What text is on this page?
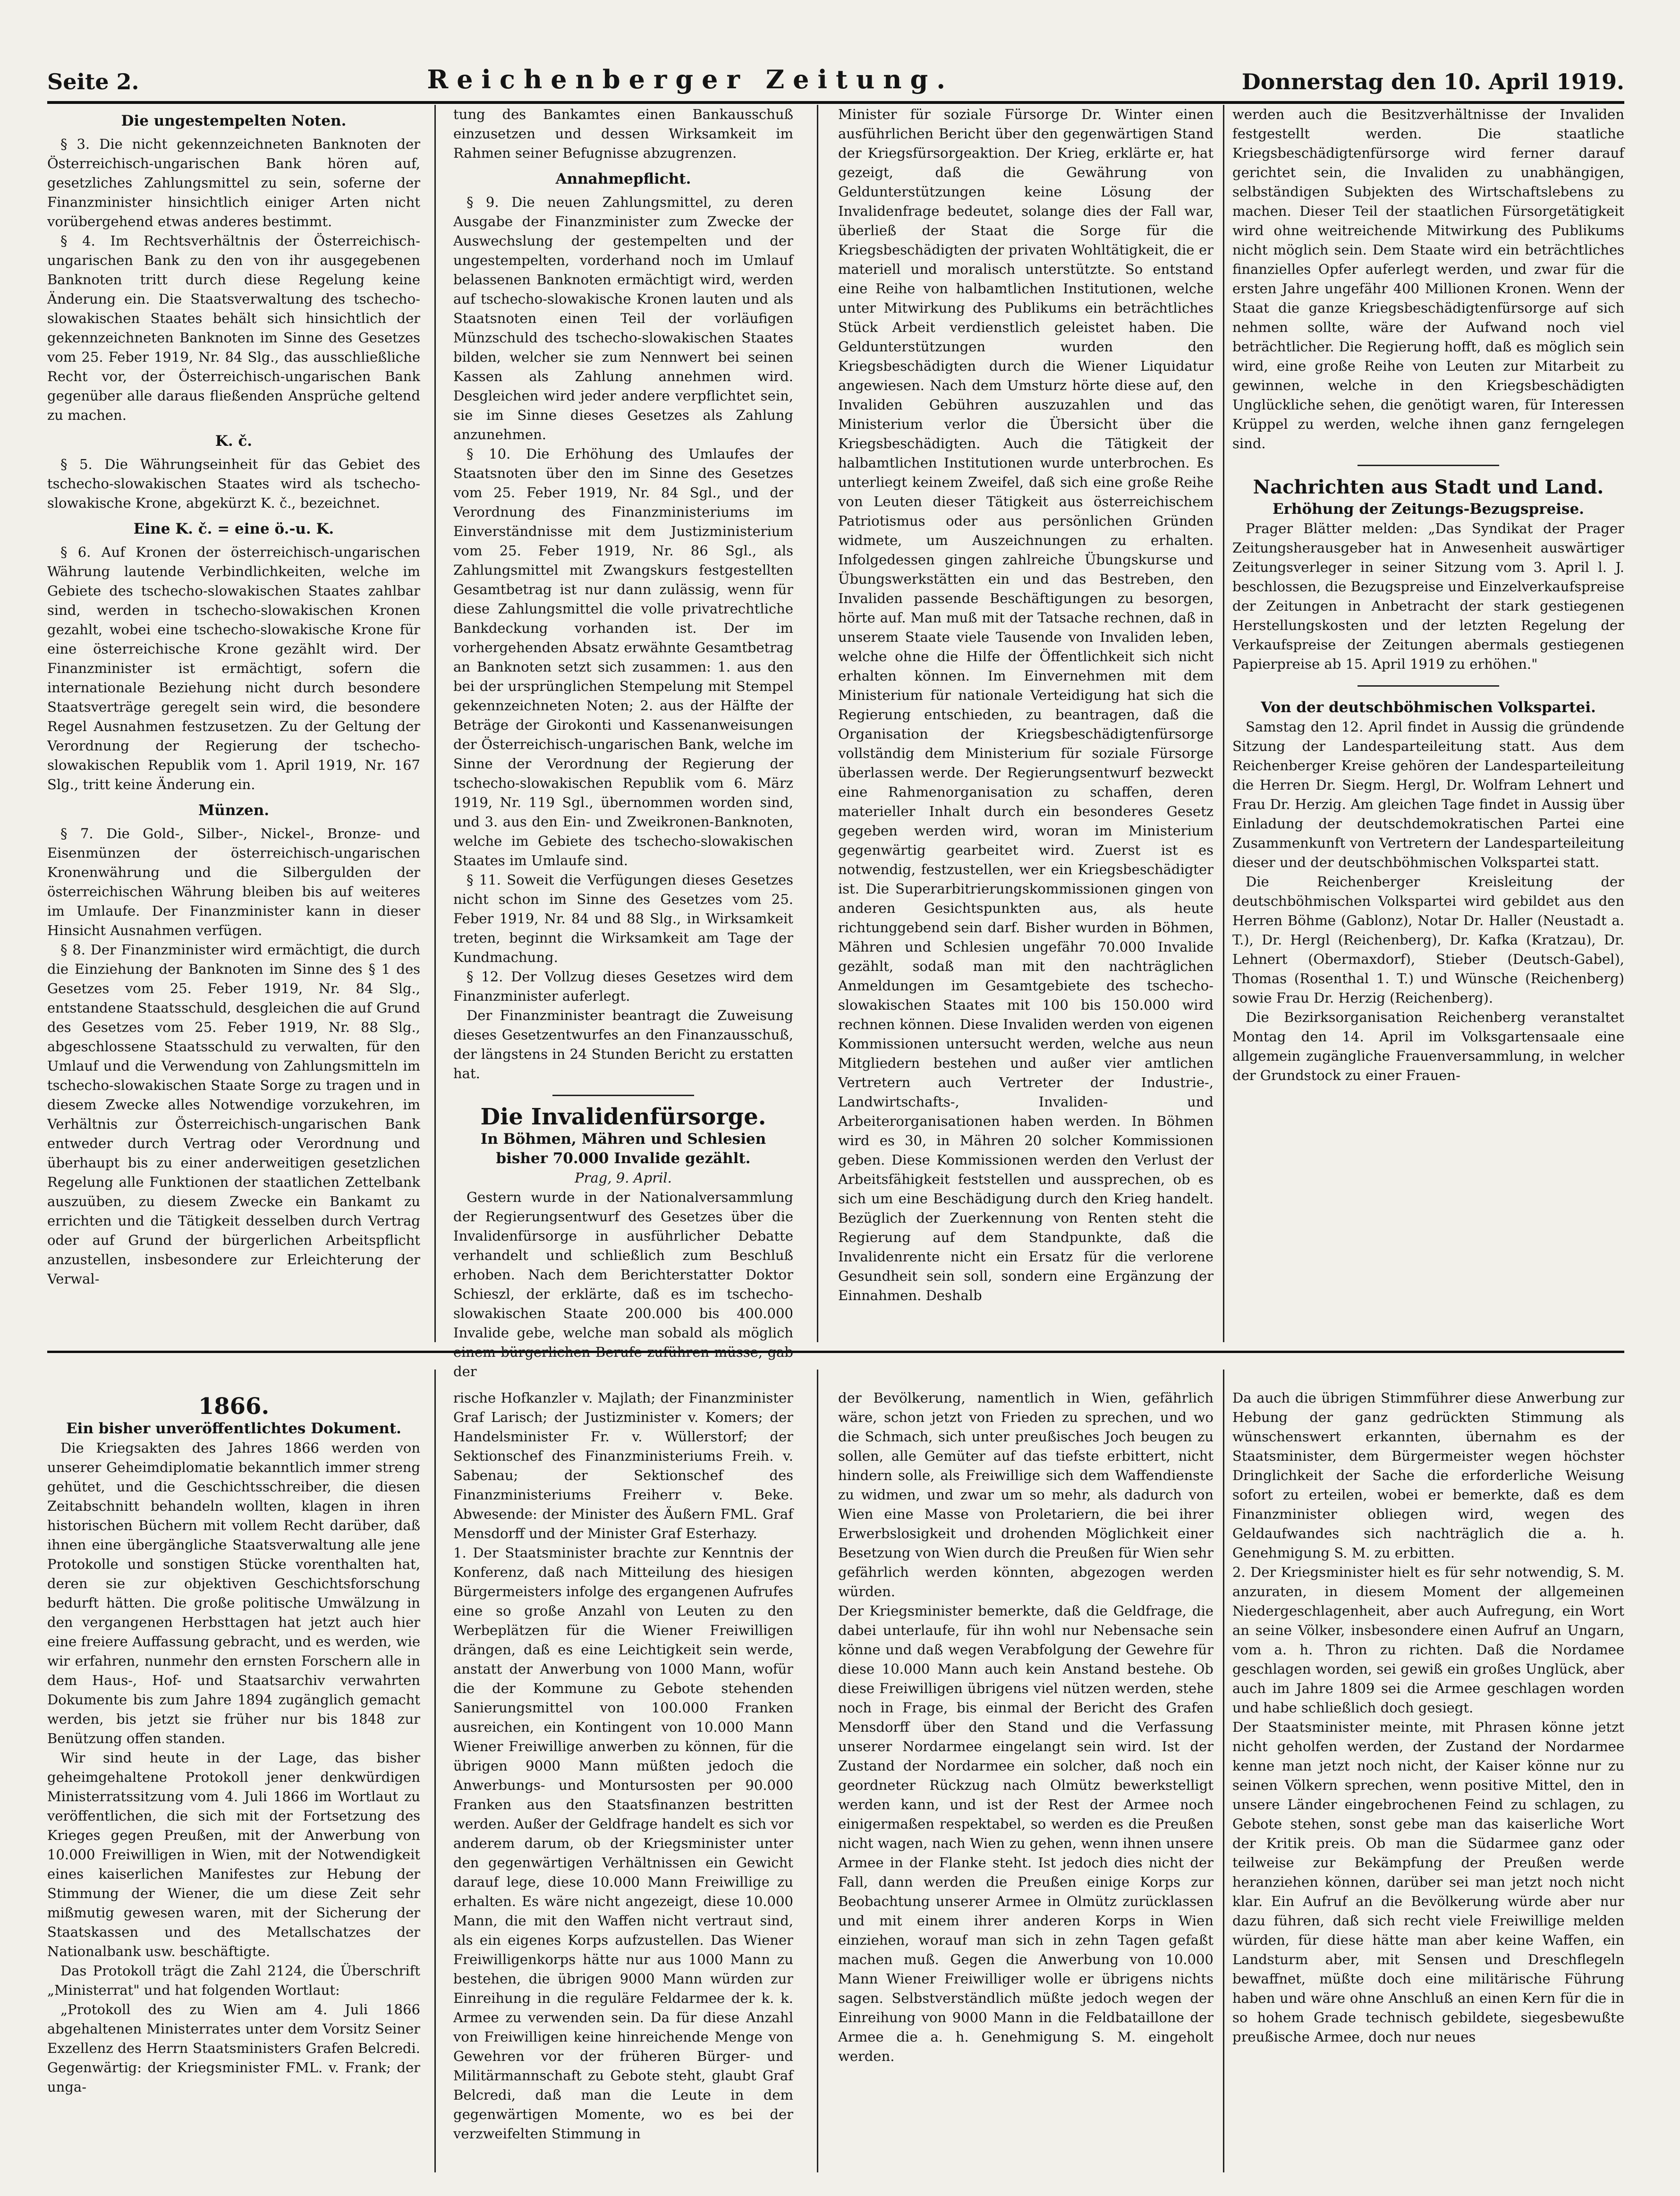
Seite 2.	Reichenberger Zeitung.	Donnerstag den 10. April 1919.
Die ungestempelten Noten.

§ 3. Die nicht gekennzeichneten Banknoten der Österreichisch-ungarischen Bank hören auf, gesetzliches Zahlungsmittel zu sein, soferne der Finanzminister hinsichtlich einiger Arten nicht vorübergehend etwas anderes bestimmt.

§ 4. Im Rechtsverhältnis der Österreichisch-ungarischen Bank zu den von ihr ausgegebenen Banknoten tritt durch diese Regelung keine Änderung ein. Die Staatsverwaltung des tschecho-slowakischen Staates behält sich hinsichtlich der gekennzeichneten Banknoten im Sinne des Gesetzes vom 25. Feber 1919, Nr. 84 Slg., das ausschließliche Recht vor, der Österreichisch-ungarischen Bank gegenüber alle daraus fließenden Ansprüche geltend zu machen.

K. č.

§ 5. Die Währungseinheit für das Gebiet des tschecho-slowakischen Staates wird als tschecho-slowakische Krone, abgekürzt K. č., bezeichnet.

Eine K. č. = eine ö.-u. K.

§ 6. Auf Kronen der österreichisch-ungarischen Währung lautende Verbindlichkeiten, welche im Gebiete des tschecho-slowakischen Staates zahlbar sind, werden in tschecho-slowakischen Kronen gezahlt, wobei eine tschecho-slowakische Krone für eine österreichische Krone gezählt wird. Der Finanzminister ist ermächtigt, sofern die internationale Beziehung nicht durch besondere Staatsverträge geregelt sein wird, die besondere Regel Ausnahmen festzusetzen. Zu der Geltung der Verordnung der Regierung der tschecho-slowakischen Republik vom 1. April 1919, Nr. 167 Slg., tritt keine Änderung ein.

Münzen.

§ 7. Die Gold-, Silber-, Nickel-, Bronze- und Eisenmünzen der österreichisch-ungarischen Kronenwährung und die Silbergulden der österreichischen Währung bleiben bis auf weiteres im Umlaufe. Der Finanzminister kann in dieser Hinsicht Ausnahmen verfügen.

§ 8. Der Finanzminister wird ermächtigt, die durch die Einziehung der Banknoten im Sinne des § 1 des Gesetzes vom 25. Feber 1919, Nr. 84 Slg., entstandene Staatsschuld, desgleichen die auf Grund des Gesetzes vom 25. Feber 1919, Nr. 88 Slg., abgeschlossene Staatsschuld zu verwalten, für den Umlauf und die Verwendung von Zahlungsmitteln im tschecho-slowakischen Staate Sorge zu tragen und in diesem Zwecke alles Notwendige vorzukehren, im Verhältnis zur Österreichisch-ungarischen Bank entweder durch Vertrag oder Verordnung und überhaupt bis zu einer anderweitigen gesetzlichen Regelung alle Funktionen der staatlichen Zettelbank auszuüben, zu diesem Zwecke ein Bankamt zu errichten und die Tätigkeit desselben durch Vertrag oder auf Grund der bürgerlichen Arbeitspflicht anzustellen, insbesondere zur Erleichterung der Verwal-

tung des Bankamtes einen Bankausschuß einzusetzen und dessen Wirksamkeit im Rahmen seiner Befugnisse abzugrenzen.

Annahmepflicht.

§ 9. Die neuen Zahlungsmittel, zu deren Ausgabe der Finanzminister zum Zwecke der Auswechslung der gestempelten und der ungestempelten, vorderhand noch im Umlauf belassenen Banknoten ermächtigt wird, werden auf tschecho-slowakische Kronen lauten und als Staatsnoten einen Teil der vorläufigen Münzschuld des tschecho-slowakischen Staates bilden, welcher sie zum Nennwert bei seinen Kassen als Zahlung annehmen wird. Desgleichen wird jeder andere verpflichtet sein, sie im Sinne dieses Gesetzes als Zahlung anzunehmen.

§ 10. Die Erhöhung des Umlaufes der Staatsnoten über den im Sinne des Gesetzes vom 25. Feber 1919, Nr. 84 Sgl., und der Verordnung des Finanzministeriums im Einverständnisse mit dem Justizministerium vom 25. Feber 1919, Nr. 86 Sgl., als Zahlungsmittel mit Zwangskurs festgestellten Gesamtbetrag ist nur dann zulässig, wenn für diese Zahlungsmittel die volle privatrechtliche Bankdeckung vorhanden ist. Der im vorhergehenden Absatz erwähnte Gesamtbetrag an Banknoten setzt sich zusammen: 1. aus den bei der ursprünglichen Stempelung mit Stempel gekennzeichneten Noten; 2. aus der Hälfte der Beträge der Girokonti und Kassenanweisungen der Österreichisch-ungarischen Bank, welche im Sinne der Verordnung der Regierung der tschecho-slowakischen Republik vom 6. März 1919, Nr. 119 Sgl., übernommen worden sind, und 3. aus den Ein- und Zweikronen-Banknoten, welche im Gebiete des tschecho-slowakischen Staates im Umlaufe sind.

§ 11. Soweit die Verfügungen dieses Gesetzes nicht schon im Sinne des Gesetzes vom 25. Feber 1919, Nr. 84 und 88 Slg., in Wirksamkeit treten, beginnt die Wirksamkeit am Tage der Kundmachung.

§ 12. Der Vollzug dieses Gesetzes wird dem Finanzminister auferlegt.

Der Finanzminister beantragt die Zuweisung dieses Gesetzentwurfes an den Finanzausschuß, der längstens in 24 Stunden Bericht zu erstatten hat.

Die Invalidenfürsorge.
In Böhmen, Mähren und Schlesien bisher 70.000 Invalide gezählt.
Prag, 9. April.

Gestern wurde in der Nationalversammlung der Regierungsentwurf des Gesetzes über die Invalidenfürsorge in ausführlicher Debatte verhandelt und schließlich zum Beschluß erhoben. Nach dem Berichterstatter Doktor Schieszl, der erklärte, daß es im tschecho-slowakischen Staate 200.000 bis 400.000 Invalide gebe, welche man sobald als möglich einem bürgerlichen Berufe zuführen müsse, gab der

Minister für soziale Fürsorge Dr. Winter einen ausführlichen Bericht über den gegenwärtigen Stand der Kriegsfürsorgeaktion. Der Krieg, erklärte er, hat gezeigt, daß die Gewährung von Geldunterstützungen keine Lösung der Invalidenfrage bedeutet, solange dies der Fall war, überließ der Staat die Sorge für die Kriegsbeschädigten der privaten Wohltätigkeit, die er materiell und moralisch unterstützte. So entstand eine Reihe von halbamtlichen Institutionen, welche unter Mitwirkung des Publikums ein beträchtliches Stück Arbeit verdienstlich geleistet haben. Die Geldunterstützungen wurden den Kriegsbeschädigten durch die Wiener Liquidatur angewiesen. Nach dem Umsturz hörte diese auf, den Invaliden Gebühren auszuzahlen und das Ministerium verlor die Übersicht über die Kriegsbeschädigten. Auch die Tätigkeit der halbamtlichen Institutionen wurde unterbrochen. Es unterliegt keinem Zweifel, daß sich eine große Reihe von Leuten dieser Tätigkeit aus österreichischem Patriotismus oder aus persönlichen Gründen widmete, um Auszeichnungen zu erhalten. Infolgedessen gingen zahlreiche Übungskurse und Übungswerkstätten ein und das Bestreben, den Invaliden passende Beschäftigungen zu besorgen, hörte auf. Man muß mit der Tatsache rechnen, daß in unserem Staate viele Tausende von Invaliden leben, welche ohne die Hilfe der Öffentlichkeit sich nicht erhalten können. Im Einvernehmen mit dem Ministerium für nationale Verteidigung hat sich die Regierung entschieden, zu beantragen, daß die Organisation der Kriegsbeschädigtenfürsorge vollständig dem Ministerium für soziale Fürsorge überlassen werde. Der Regierungsentwurf bezweckt eine Rahmenorganisation zu schaffen, deren materieller Inhalt durch ein besonderes Gesetz gegeben werden wird, woran im Ministerium gegenwärtig gearbeitet wird. Zuerst ist es notwendig, festzustellen, wer ein Kriegsbeschädigter ist. Die Superarbitrierungskommissionen gingen von anderen Gesichtspunkten aus, als heute richtunggebend sein darf. Bisher wurden in Böhmen, Mähren und Schlesien ungefähr 70.000 Invalide gezählt, sodaß man mit den nachträglichen Anmeldungen im Gesamtgebiete des tschecho-slowakischen Staates mit 100 bis 150.000 wird rechnen können. Diese Invaliden werden von eigenen Kommissionen untersucht werden, welche aus neun Mitgliedern bestehen und außer vier amtlichen Vertretern auch Vertreter der Industrie-, Landwirtschafts-, Invaliden- und Arbeiterorganisationen haben werden. In Böhmen wird es 30, in Mähren 20 solcher Kommissionen geben. Diese Kommissionen werden den Verlust der Arbeitsfähigkeit feststellen und aussprechen, ob es sich um eine Beschädigung durch den Krieg handelt. Bezüglich der Zuerkennung von Renten steht die Regierung auf dem Standpunkte, daß die Invalidenrente nicht ein Ersatz für die verlorene Gesundheit sein soll, sondern eine Ergänzung der Einnahmen. Deshalb

werden auch die Besitzverhältnisse der Invaliden festgestellt werden. Die staatliche Kriegsbeschädigtenfürsorge wird ferner darauf gerichtet sein, die Invaliden zu unabhängigen, selbständigen Subjekten des Wirtschaftslebens zu machen. Dieser Teil der staatlichen Fürsorgetätigkeit wird ohne weitreichende Mitwirkung des Publikums nicht möglich sein. Dem Staate wird ein beträchtliches finanzielles Opfer auferlegt werden, und zwar für die ersten Jahre ungefähr 400 Millionen Kronen. Wenn der Staat die ganze Kriegsbeschädigtenfürsorge auf sich nehmen sollte, wäre der Aufwand noch viel beträchtlicher. Die Regierung hofft, daß es möglich sein wird, eine große Reihe von Leuten zur Mitarbeit zu gewinnen, welche in den Kriegsbeschädigten Unglückliche sehen, die genötigt waren, für Interessen Krüppel zu werden, welche ihnen ganz ferngelegen sind.

Nachrichten aus Stadt und Land.
Erhöhung der Zeitungs-Bezugspreise.

Prager Blätter melden: „Das Syndikat der Prager Zeitungsherausgeber hat in Anwesenheit auswärtiger Zeitungsverleger in seiner Sitzung vom 3. April l. J. beschlossen, die Bezugspreise und Einzelverkaufspreise der Zeitungen in Anbetracht der stark gestiegenen Herstellungskosten und der letzten Regelung der Verkaufspreise der Zeitungen abermals gestiegenen Papierpreise ab 15. April 1919 zu erhöhen."

Von der deutschböhmischen Volkspartei.

Samstag den 12. April findet in Aussig die gründende Sitzung der Landesparteileitung statt. Aus dem Reichenberger Kreise gehören der Landesparteileitung die Herren Dr. Siegm. Hergl, Dr. Wolfram Lehnert und Frau Dr. Herzig. Am gleichen Tage findet in Aussig über Einladung der deutschdemokratischen Partei eine Zusammenkunft von Vertretern der Landesparteileitung dieser und der deutschböhmischen Volkspartei statt.

Die Reichenberger Kreisleitung der deutschböhmischen Volkspartei wird gebildet aus den Herren Böhme (Gablonz), Notar Dr. Haller (Neustadt a. T.), Dr. Hergl (Reichenberg), Dr. Kafka (Kratzau), Dr. Lehnert (Obermaxdorf), Stieber (Deutsch-Gabel), Thomas (Rosenthal 1. T.) und Wünsche (Reichenberg) sowie Frau Dr. Herzig (Reichenberg).

Die Bezirksorganisation Reichenberg veranstaltet Montag den 14. April im Volksgartensaale eine allgemein zugängliche Frauenversammlung, in welcher der Grundstock zu einer Frauen-

1866.
Ein bisher unveröffentlichtes Dokument.

Die Kriegsakten des Jahres 1866 werden von unserer Geheimdiplomatie bekanntlich immer streng gehütet, und die Geschichtsschreiber, die diesen Zeitabschnitt behandeln wollten, klagen in ihren historischen Büchern mit vollem Recht darüber, daß ihnen eine übergängliche Staatsverwaltung alle jene Protokolle und sonstigen Stücke vorenthalten hat, deren sie zur objektiven Geschichtsforschung bedurft hätten. Die große politische Umwälzung in den vergangenen Herbsttagen hat jetzt auch hier eine freiere Auffassung gebracht, und es werden, wie wir erfahren, nunmehr den ernsten Forschern alle in dem Haus-, Hof- und Staatsarchiv verwahrten Dokumente bis zum Jahre 1894 zugänglich gemacht werden, bis jetzt sie früher nur bis 1848 zur Benützung offen standen.

Wir sind heute in der Lage, das bisher geheimgehaltene Protokoll jener denkwürdigen Ministerratssitzung vom 4. Juli 1866 im Wortlaut zu veröffentlichen, die sich mit der Fortsetzung des Krieges gegen Preußen, mit der Anwerbung von 10.000 Freiwilligen in Wien, mit der Notwendigkeit eines kaiserlichen Manifestes zur Hebung der Stimmung der Wiener, die um diese Zeit sehr mißmutig gewesen waren, mit der Sicherung der Staatskassen und des Metallschatzes der Nationalbank usw. beschäftigte.

Das Protokoll trägt die Zahl 2124, die Überschrift „Ministerrat" und hat folgenden Wortlaut:

„Protokoll des zu Wien am 4. Juli 1866 abgehaltenen Ministerrates unter dem Vorsitz Seiner Exzellenz des Herrn Staatsministers Grafen Belcredi. Gegenwärtig: der Kriegsminister FML. v. Frank; der unga-

rische Hofkanzler v. Majlath; der Finanzminister Graf Larisch; der Justizminister v. Komers; der Handelsminister Fr. v. Wüllerstorf; der Sektionschef des Finanzministeriums Freih. v. Sabenau; der Sektionschef des Finanzministeriums Freiherr v. Beke. Abwesende: der Minister des Äußern FML. Graf Mensdorff und der Minister Graf Esterhazy.
1. Der Staatsminister brachte zur Kenntnis der Konferenz, daß nach Mitteilung des hiesigen Bürgermeisters infolge des ergangenen Aufrufes eine so große Anzahl von Leuten zu den Werbeplätzen für die Wiener Freiwilligen drängen, daß es eine Leichtigkeit sein werde, anstatt der Anwerbung von 1000 Mann, wofür die der Kommune zu Gebote stehenden Sanierungsmittel von 100.000 Franken ausreichen, ein Kontingent von 10.000 Mann Wiener Freiwillige anwerben zu können, für die übrigen 9000 Mann müßten jedoch die Anwerbungs- und Montursosten per 90.000 Franken aus den Staatsfinanzen bestritten werden. Außer der Geldfrage handelt es sich vor anderem darum, ob der Kriegsminister unter den gegenwärtigen Verhältnissen ein Gewicht darauf lege, diese 10.000 Mann Freiwillige zu erhalten. Es wäre nicht angezeigt, diese 10.000 Mann, die mit den Waffen nicht vertraut sind, als ein eigenes Korps aufzustellen. Das Wiener Freiwilligenkorps hätte nur aus 1000 Mann zu bestehen, die übrigen 9000 Mann würden zur Einreihung in die reguläre Feldarmee der k. k. Armee zu verwenden sein. Da für diese Anzahl von Freiwilligen keine hinreichende Menge von Gewehren vor der früheren Bürger- und Militärmannschaft zu Gebote steht, glaubt Graf Belcredi, daß man die Leute in dem gegenwärtigen Momente, wo es bei der verzweifelten Stimmung in

der Bevölkerung, namentlich in Wien, gefährlich wäre, schon jetzt von Frieden zu sprechen, und wo die Schmach, sich unter preußisches Joch beugen zu sollen, alle Gemüter auf das tiefste erbittert, nicht hindern solle, als Freiwillige sich dem Waffendienste zu widmen, und zwar um so mehr, als dadurch von Wien eine Masse von Proletariern, die bei ihrer Erwerbslosigkeit und drohenden Möglichkeit einer Besetzung von Wien durch die Preußen für Wien sehr gefährlich werden könnten, abgezogen werden würden.
Der Kriegsminister bemerkte, daß die Geldfrage, die dabei unterlaufe, für ihn wohl nur Nebensache sein könne und daß wegen Verabfolgung der Gewehre für diese 10.000 Mann auch kein Anstand bestehe. Ob diese Freiwilligen übrigens viel nützen werden, stehe noch in Frage, bis einmal der Bericht des Grafen Mensdorff über den Stand und die Verfassung unserer Nordarmee eingelangt sein wird. Ist der Zustand der Nordarmee ein solcher, daß noch ein geordneter Rückzug nach Olmütz bewerkstelligt werden kann, und ist der Rest der Armee noch einigermaßen respektabel, so werden es die Preußen nicht wagen, nach Wien zu gehen, wenn ihnen unsere Armee in der Flanke steht. Ist jedoch dies nicht der Fall, dann werden die Preußen einige Korps zur Beobachtung unserer Armee in Olmütz zurücklassen und mit einem ihrer anderen Korps in Wien einziehen, worauf man sich in zehn Tagen gefaßt machen muß. Gegen die Anwerbung von 10.000 Mann Wiener Freiwilliger wolle er übrigens nichts sagen. Selbstverständlich müßte jedoch wegen der Einreihung von 9000 Mann in die Feldbataillone der Armee die a. h. Genehmigung S. M. eingeholt werden.

Da auch die übrigen Stimmführer diese Anwerbung zur Hebung der ganz gedrückten Stimmung als wünschenswert erkannten, übernahm es der Staatsminister, dem Bürgermeister wegen höchster Dringlichkeit der Sache die erforderliche Weisung sofort zu erteilen, wobei er bemerkte, daß es dem Finanzminister obliegen wird, wegen des Geldaufwandes sich nachträglich die a. h. Genehmigung S. M. zu erbitten.
2. Der Kriegsminister hielt es für sehr notwendig, S. M. anzuraten, in diesem Moment der allgemeinen Niedergeschlagenheit, aber auch Aufregung, ein Wort an seine Völker, insbesondere einen Aufruf an Ungarn, vom a. h. Thron zu richten. Daß die Nordamee geschlagen worden, sei gewiß ein großes Unglück, aber auch im Jahre 1809 sei die Armee geschlagen worden und habe schließlich doch gesiegt.
Der Staatsminister meinte, mit Phrasen könne jetzt nicht geholfen werden, der Zustand der Nordarmee kenne man jetzt noch nicht, der Kaiser könne nur zu seinen Völkern sprechen, wenn positive Mittel, den in unsere Länder eingebrochenen Feind zu schlagen, zu Gebote stehen, sonst gebe man das kaiserliche Wort der Kritik preis. Ob man die Südarmee ganz oder teilweise zur Bekämpfung der Preußen werde heranziehen können, darüber sei man jetzt noch nicht klar. Ein Aufruf an die Bevölkerung würde aber nur dazu führen, daß sich recht viele Freiwillige melden würden, für diese hätte man aber keine Waffen, ein Landsturm aber, mit Sensen und Dreschflegeln bewaffnet, müßte doch eine militärische Führung haben und wäre ohne Anschluß an einen Kern für die in so hohem Grade technisch gebildete, siegesbewußte preußische Armee, doch nur neues
